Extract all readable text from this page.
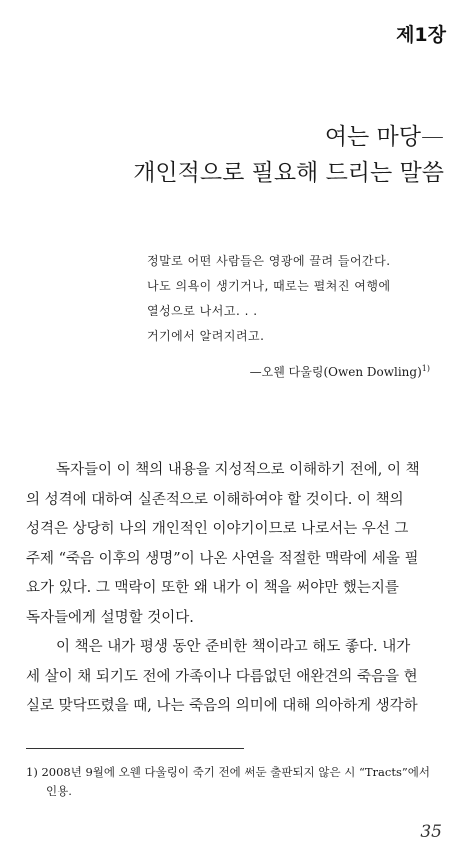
제1장
여는 마당—
개인적으로 필요해 드리는 말씀
정말로 어떤 사람들은 영광에 끌려 들어간다.
나도 의욕이 생기거나, 때로는 펼쳐진 여행에
열성으로 나서고. . .
거기에서 알려지려고.
—오웬 다울링(Owen Dowling)$^{1)}$
독자들이 이 책의 내용을 지성적으로 이해하기 전에, 이 책
의 성격에 대하여 실존적으로 이해하여야 할 것이다. 이 책의
성격은 상당히 나의 개인적인 이야기이므로 나로서는 우선 그
주제 “죽음 이후의 생명”이 나온 사연을 적절한 맥락에 세울 필
요가 있다. 그 맥락이 또한 왜 내가 이 책을 써야만 했는지를
독자들에게 설명할 것이다.
이 책은 내가 평생 동안 준비한 책이라고 해도 좋다. 내가
세 살이 채 되기도 전에 가족이나 다름없던 애완견의 죽음을 현
실로 맞닥뜨렸을 때, 나는 죽음의 의미에 대해 의아하게 생각하
1) 2008년 9월에 오웬 다울링이 죽기 전에 써둔 출판되지 않은 시 “Tracts”에서
인용.
35
